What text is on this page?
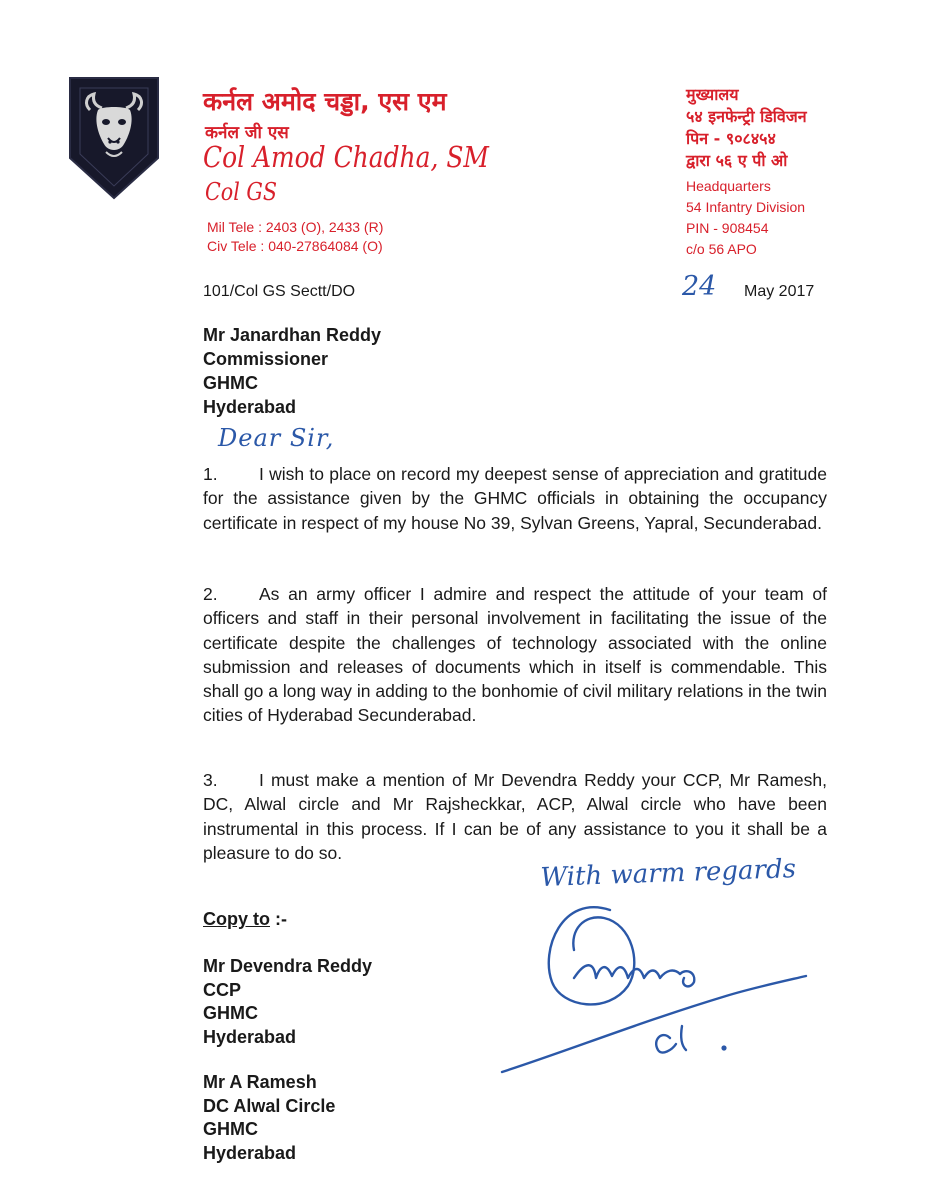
कर्नल अमोद चड्डा, एस एम
कर्नल जी एस
Col Amod Chadha, SM
Col GS
Mil Tele : 2403 (O), 2433 (R)
Civ Tele : 040-27864084 (O)
मुख्यालय
५४ इनफेन्ट्री डिविजन
पिन - ९०८४५४
द्वारा ५६ ए पी ओ
Headquarters
54 Infantry Division
PIN - 908454
c/o 56 APO
101/Col GS Sectt/DO	24 May 2017
Mr Janardhan Reddy
Commissioner
GHMC
Hyderabad
Dear Sir,
1. I wish to place on record my deepest sense of appreciation and gratitude for the assistance given by the GHMC officials in obtaining the occupancy certificate in respect of my house No 39, Sylvan Greens, Yapral, Secunderabad.
2. As an army officer I admire and respect the attitude of your team of officers and staff in their personal involvement in facilitating the issue of the certificate despite the challenges of technology associated with the online submission and releases of documents which in itself is commendable. This shall go a long way in adding to the bonhomie of civil military relations in the twin cities of Hyderabad Secunderabad.
3. I must make a mention of Mr Devendra Reddy your CCP, Mr Ramesh, DC, Alwal circle and Mr Rajsheckkar, ACP, Alwal circle who have been instrumental in this process. If I can be of any assistance to you it shall be a pleasure to do so.
With warm regards
Copy to :-
Mr Devendra Reddy
CCP
GHMC
Hyderabad
Mr A Ramesh
DC Alwal Circle
GHMC
Hyderabad
